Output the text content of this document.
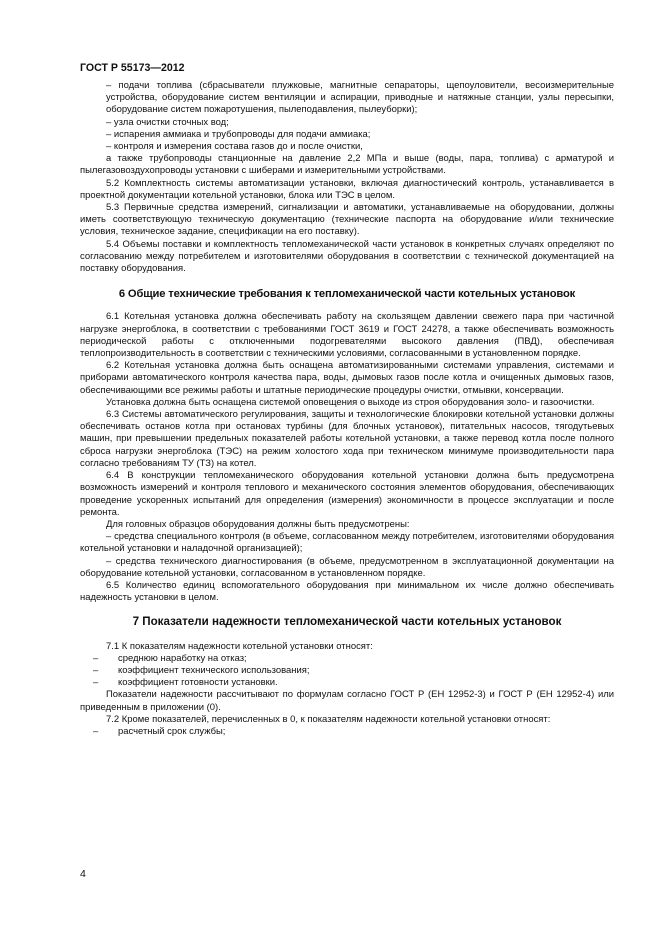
ГОСТ Р 55173—2012

– подачи топлива (сбрасыватели плужковые, магнитные сепараторы, щепоуловители, весоизмерительные устройства, оборудование систем вентиляции и аспирации, приводные и натяжные станции, узлы пересыпки, оборудование систем пожаротушения, пылеподавления, пылеуборки);

– узла очистки сточных вод;

– испарения аммиака и трубопроводы для подачи аммиака;

– контроля и измерения состава газов до и после очистки,

а также трубопроводы станционные на давление 2,2 МПа и выше (воды, пара, топлива) с арматурой и пылегазовоздухопроводы установки с шиберами и измерительными устройствами.

5.2 Комплектность системы автоматизации установки, включая диагностический контроль, устанавливается в проектной документации котельной установки, блока или ТЭС в целом.

5.3 Первичные средства измерений, сигнализации и автоматики, устанавливаемые на оборудовании, должны иметь соответствующую техническую документацию (технические паспорта на оборудование и/или технические условия, техническое задание, спецификации на его поставку).

5.4 Объемы поставки и комплектность тепломеханической части установок в конкретных случаях определяют по согласованию между потребителем и изготовителями оборудования в соответствии с технической документацией на поставку оборудования.

6 Общие технические требования к тепломеханической части котельных установок

6.1 Котельная установка должна обеспечивать работу на скользящем давлении свежего пара при частичной нагрузке энергоблока, в соответствии с требованиями ГОСТ 3619 и ГОСТ 24278, а также обеспечивать возможность периодической работы с отключенными подогревателями высокого давления (ПВД), обеспечивая теплопроизводительность в соответствии с техническими условиями, согласованными в установленном порядке.

6.2 Котельная установка должна быть оснащена автоматизированными системами управления, системами и приборами автоматического контроля качества пара, воды, дымовых газов после котла и очищенных дымовых газов, обеспечивающими все режимы работы и штатные периодические процедуры очистки, отмывки, консервации.

Установка должна быть оснащена системой оповещения о выходе из строя оборудования золо- и газоочистки.

6.3 Системы автоматического регулирования, защиты и технологические блокировки котельной установки должны обеспечивать останов котла при остановах турбины (для блочных установок), питательных насосов, тягодутьевых машин, при превышении предельных показателей работы котельной установки, а также перевод котла после полного сброса нагрузки энергоблока (ТЭС) на режим холостого хода при техническом минимуме производительности пара согласно требованиям ТУ (ТЗ) на котел.

6.4 В конструкции тепломеханического оборудования котельной установки должна быть предусмотрена возможность измерений и контроля теплового и механического состояния элементов оборудования, обеспечивающих проведение ускоренных испытаний для определения (измерения) экономичности в процессе эксплуатации и после ремонта.

Для головных образцов оборудования должны быть предусмотрены:

– средства специального контроля (в объеме, согласованном между потребителем, изготовителями оборудования котельной установки и наладочной организацией);

– средства технического диагностирования (в объеме, предусмотренном в эксплуатационной документации на оборудование котельной установки, согласованном в установленном порядке.

6.5 Количество единиц вспомогательного оборудования при минимальном их числе должно обеспечивать надежность установки в целом.

7 Показатели надежности тепломеханической части котельных установок

7.1 К показателям надежности котельной установки относят:

– среднюю наработку на отказ;

– коэффициент технического использования;

– коэффициент готовности установки.

Показатели надежности рассчитывают по формулам согласно ГОСТ Р (ЕН 12952-3) и ГОСТ Р (ЕН 12952-4) или приведенным в приложении (0).

7.2 Кроме показателей, перечисленных в 0, к показателям надежности котельной установки относят:

– расчетный срок службы;

4
